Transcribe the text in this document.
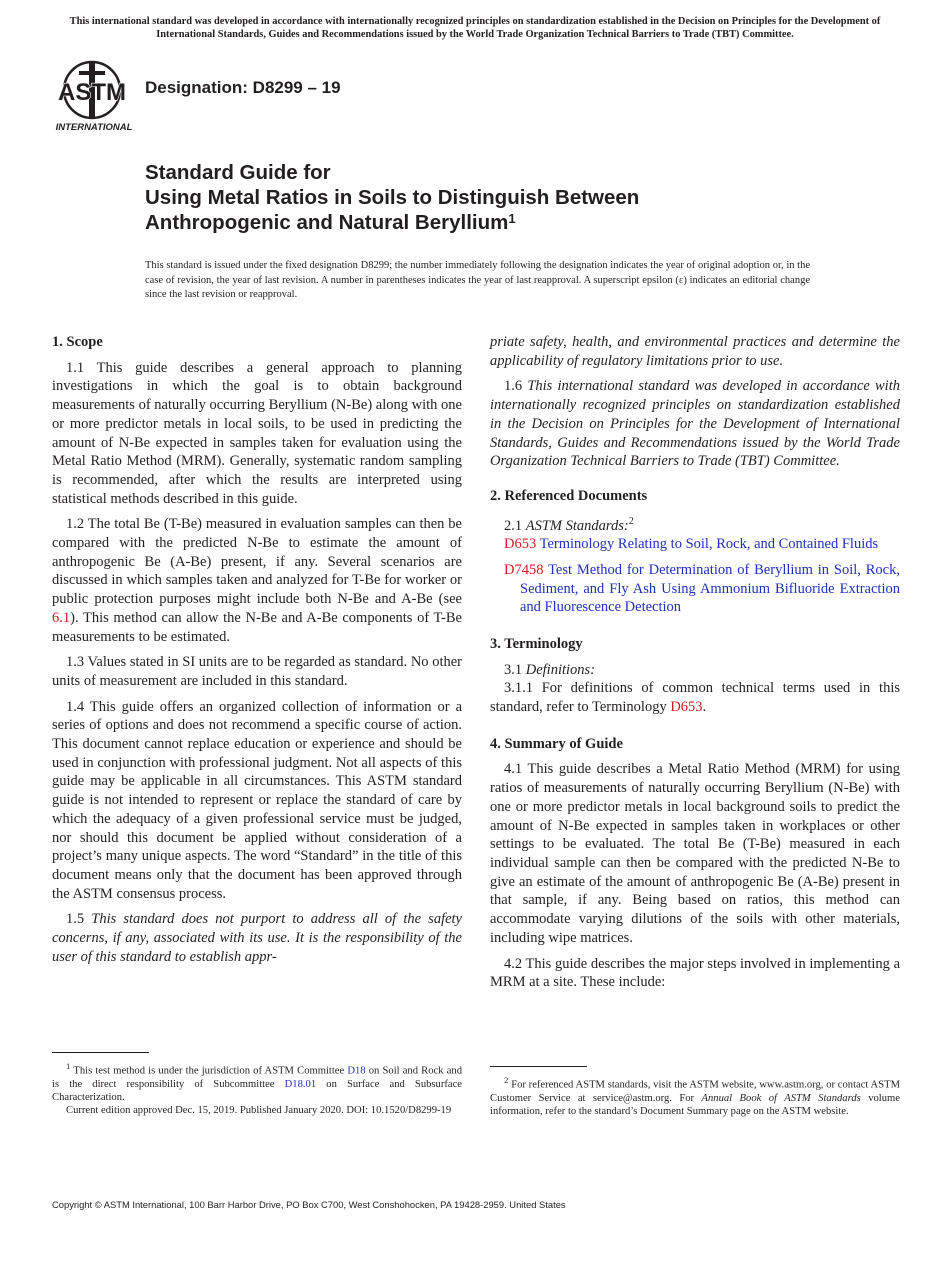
This international standard was developed in accordance with internationally recognized principles on standardization established in the Decision on Principles for the Development of International Standards, Guides and Recommendations issued by the World Trade Organization Technical Barriers to Trade (TBT) Committee.
ASTM
INTERNATIONAL
Designation: D8299 – 19
Standard Guide for
Using Metal Ratios in Soils to Distinguish Between
Anthropogenic and Natural Beryllium$^1$
This standard is issued under the fixed designation D8299; the number immediately following the designation indicates the year of original adoption or, in the case of revision, the year of last revision. A number in parentheses indicates the year of last reapproval. A superscript epsilon (ε) indicates an editorial change since the last revision or reapproval.
1. Scope

1.1 This guide describes a general approach to planning investigations in which the goal is to obtain background measurements of naturally occurring Beryllium (N-Be) along with one or more predictor metals in local soils, to be used in predicting the amount of N-Be expected in samples taken for evaluation using the Metal Ratio Method (MRM). Generally, systematic random sampling is recommended, after which the results are interpreted using statistical methods described in this guide.

1.2 The total Be (T-Be) measured in evaluation samples can then be compared with the predicted N-Be to estimate the amount of anthropogenic Be (A-Be) present, if any. Several scenarios are discussed in which samples taken and analyzed for T-Be for worker or public protection purposes might include both N-Be and A-Be (see 6.1). This method can allow the N-Be and A-Be components of T-Be measurements to be estimated.

1.3 Values stated in SI units are to be regarded as standard. No other units of measurement are included in this standard.

1.4 This guide offers an organized collection of information or a series of options and does not recommend a specific course of action. This document cannot replace education or experience and should be used in conjunction with professional judgment. Not all aspects of this guide may be applicable in all circumstances. This ASTM standard guide is not intended to represent or replace the standard of care by which the adequacy of a given professional service must be judged, nor should this document be applied without consideration of a project’s many unique aspects. The word “Standard” in the title of this document means only that the document has been approved through the ASTM consensus process.

1.5 This standard does not purport to address all of the safety concerns, if any, associated with its use. It is the responsibility of the user of this standard to establish appr-

priate safety, health, and environmental practices and determine the applicability of regulatory limitations prior to use.

1.6 This international standard was developed in accordance with internationally recognized principles on standardization established in the Decision on Principles for the Development of International Standards, Guides and Recommendations issued by the World Trade Organization Technical Barriers to Trade (TBT) Committee.

2. Referenced Documents

2.1 ASTM Standards:$^2$

D653 Terminology Relating to Soil, Rock, and Contained Fluids

D7458 Test Method for Determination of Beryllium in Soil, Rock, Sediment, and Fly Ash Using Ammonium Bifluoride Extraction and Fluorescence Detection

3. Terminology

3.1 Definitions:

3.1.1 For definitions of common technical terms used in this standard, refer to Terminology D653.

4. Summary of Guide

4.1 This guide describes a Metal Ratio Method (MRM) for using ratios of measurements of naturally occurring Beryllium (N-Be) with one or more predictor metals in local background soils to predict the amount of N-Be expected in samples taken in workplaces or other settings to be evaluated. The total Be (T-Be) measured in each individual sample can then be compared with the predicted N-Be to give an estimate of the amount of anthropogenic Be (A-Be) present in that sample, if any. Being based on ratios, this method can accommodate varying dilutions of the soils with other materials, including wipe matrices.

4.2 This guide describes the major steps involved in implementing a MRM at a site. These include:

$^1$ This test method is under the jurisdiction of ASTM Committee D18 on Soil and Rock and is the direct responsibility of Subcommittee D18.01 on Surface and Subsurface Characterization.

Current edition approved Dec. 15, 2019. Published January 2020. DOI: 10.1520/D8299-19

$^2$ For referenced ASTM standards, visit the ASTM website, www.astm.org, or contact ASTM Customer Service at service@astm.org. For Annual Book of ASTM Standards volume information, refer to the standard’s Document Summary page on the ASTM website.

Copyright © ASTM International, 100 Barr Harbor Drive, PO Box C700, West Conshohocken, PA 19428-2959. United States
